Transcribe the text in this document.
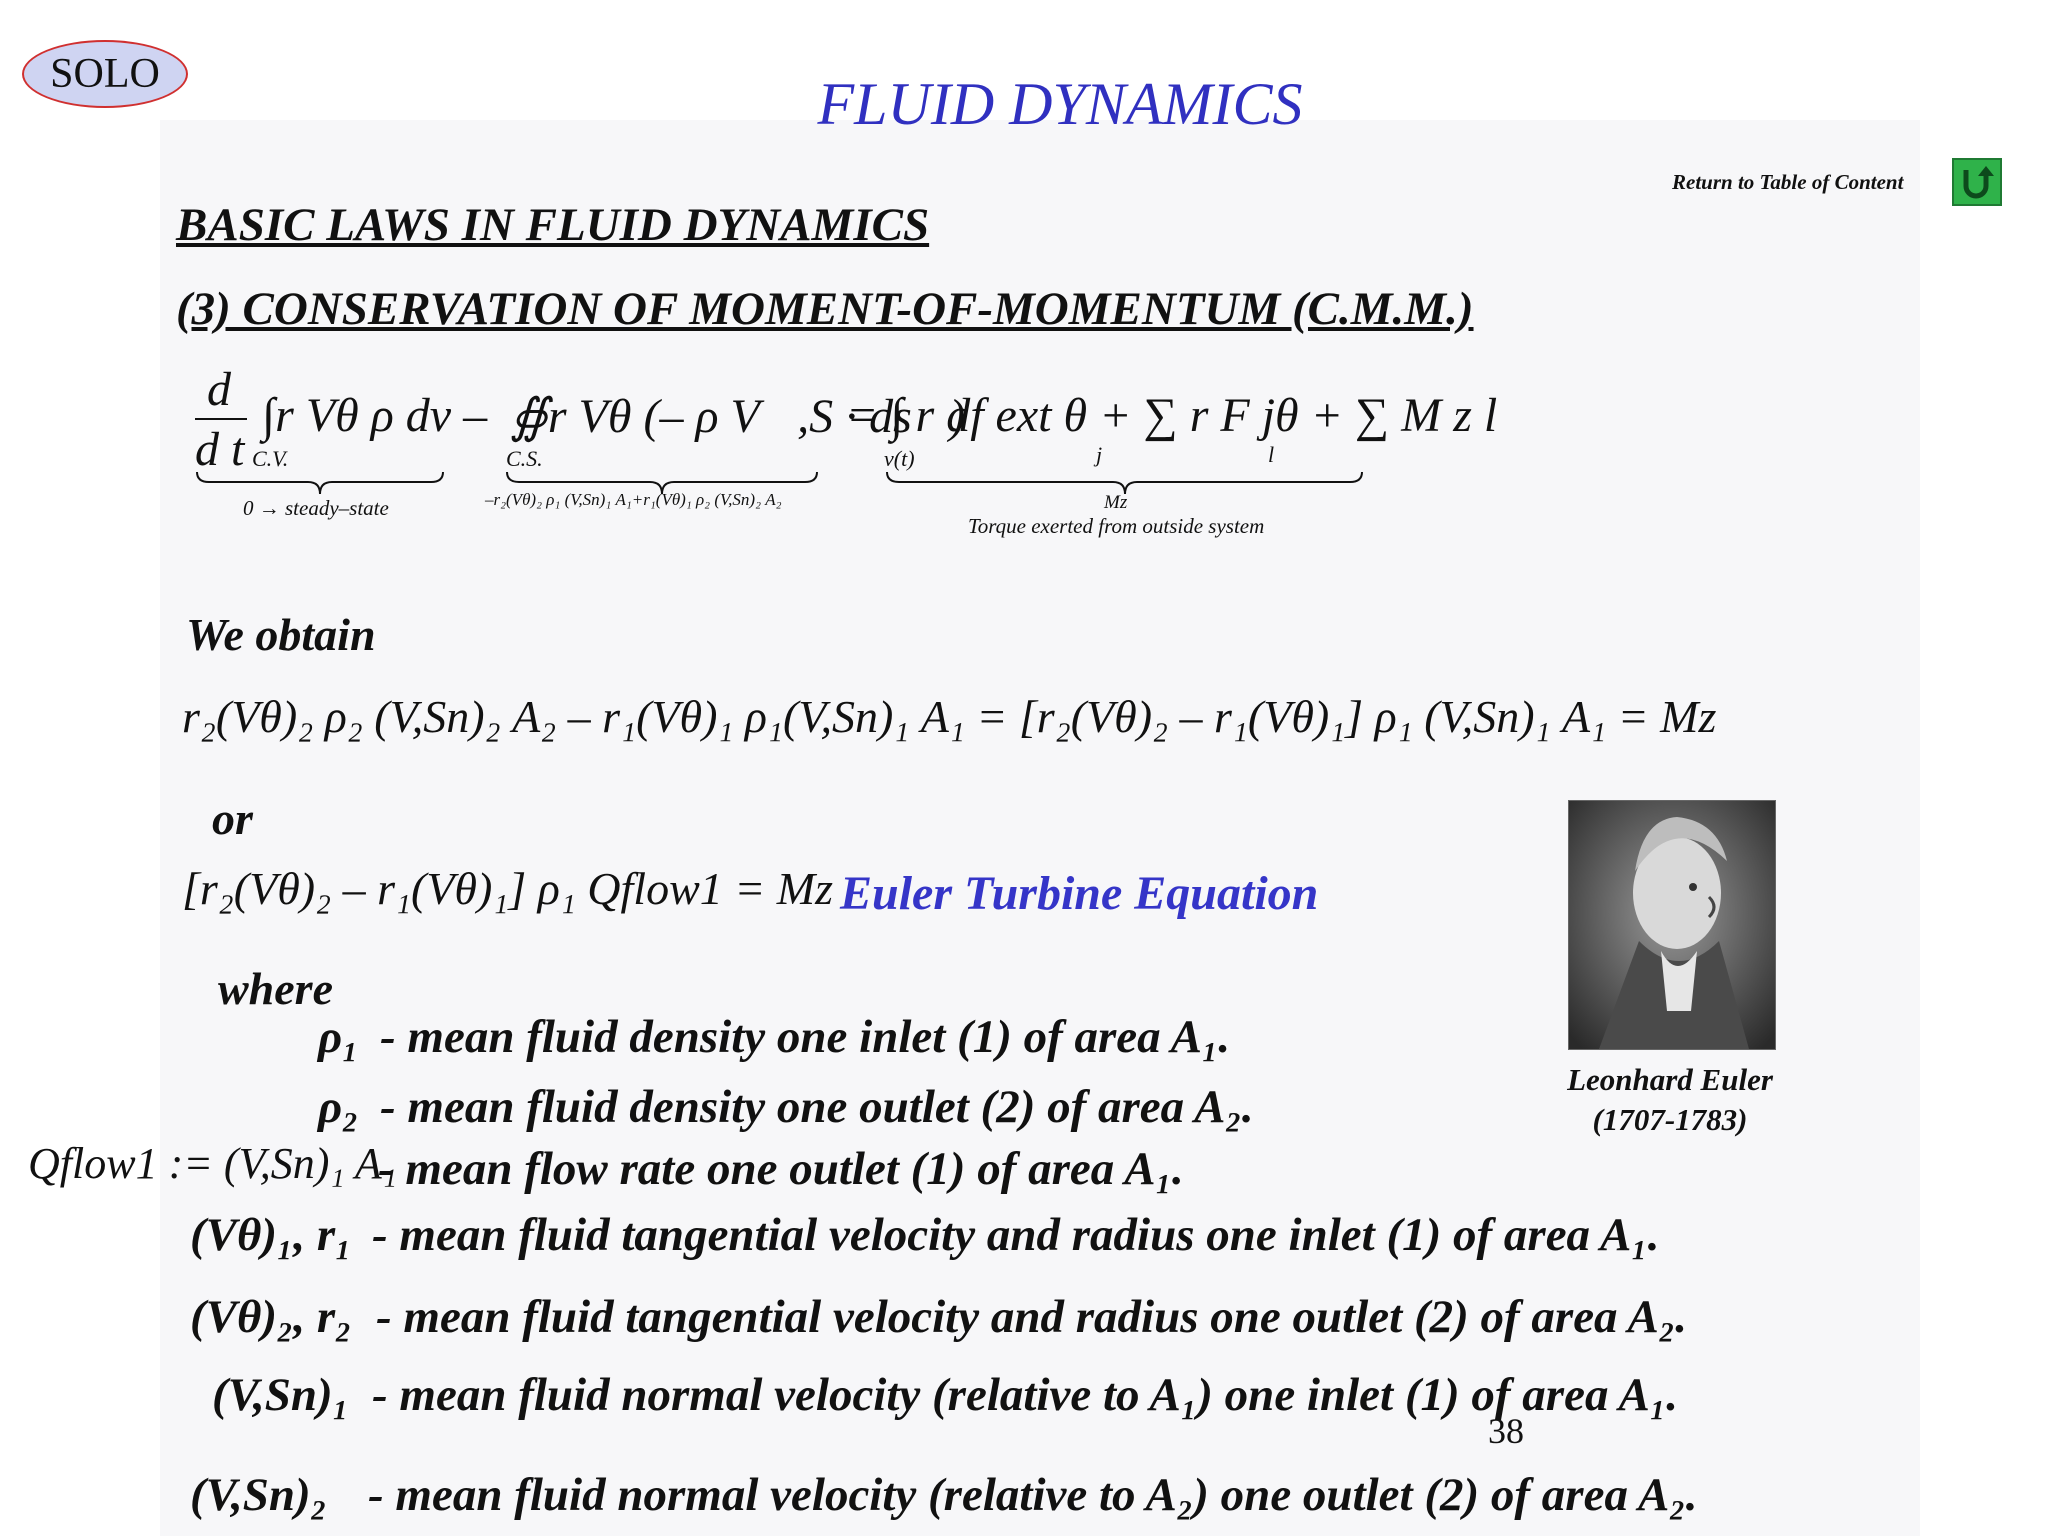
SOLO	FLUID DYNAMICS
Return to Table of Content
BASIC LAWS IN FLUID DYNAMICS
(3) CONSERVATION OF MOMENT-OF-MOMENTUM (C.M.M.)
d
d t
∫r Vθ ρ dv –
C.V.
∯r Vθ (– ρ V⃗,S · ds⃗)
C.S.
= ∫ r df ext θ + ∑ r F jθ + ∑ M z l
v(t)	j	l
0 → steady–state	–r₂(Vθ)₂ ρ₁ (V,Sn)₁ A₁+r₁(Vθ)₁ ρ₂ (V,Sn)₂ A₂	Mz
Torque exerted from outside system
We obtain
r₂(Vθ)₂ ρ₂ (V,Sn)₂ A₂ – r₁(Vθ)₁ ρ₁(V,Sn)₁ A₁ = [r₂(Vθ)₂ – r₁(Vθ)₁] ρ₁ (V,Sn)₁ A₁ = Mz
or
[r₂(Vθ)₂ – r₁(Vθ)₁] ρ₁ Qflow1 = Mz Euler Turbine Equation
where
ρ₁ - mean fluid density one inlet (1) of area A₁.
ρ₂ - mean fluid density one outlet (2) of area A₂.
Qflow1 := (V,Sn)₁ A₁
- mean flow rate one outlet (1) of area A₁.
(Vθ)₁, r₁ - mean fluid tangential velocity and radius one inlet (1) of area A₁.
(Vθ)₂, r₂ - mean fluid tangential velocity and radius one outlet (2) of area A₂.
(V,Sn)₁ - mean fluid normal velocity (relative to A₁) one inlet (1) of area A₁.
(V,Sn)₂ - mean fluid normal velocity (relative to A₂) one outlet (2) of area A₂.
Leonhard Euler
(1707-1783)
38
